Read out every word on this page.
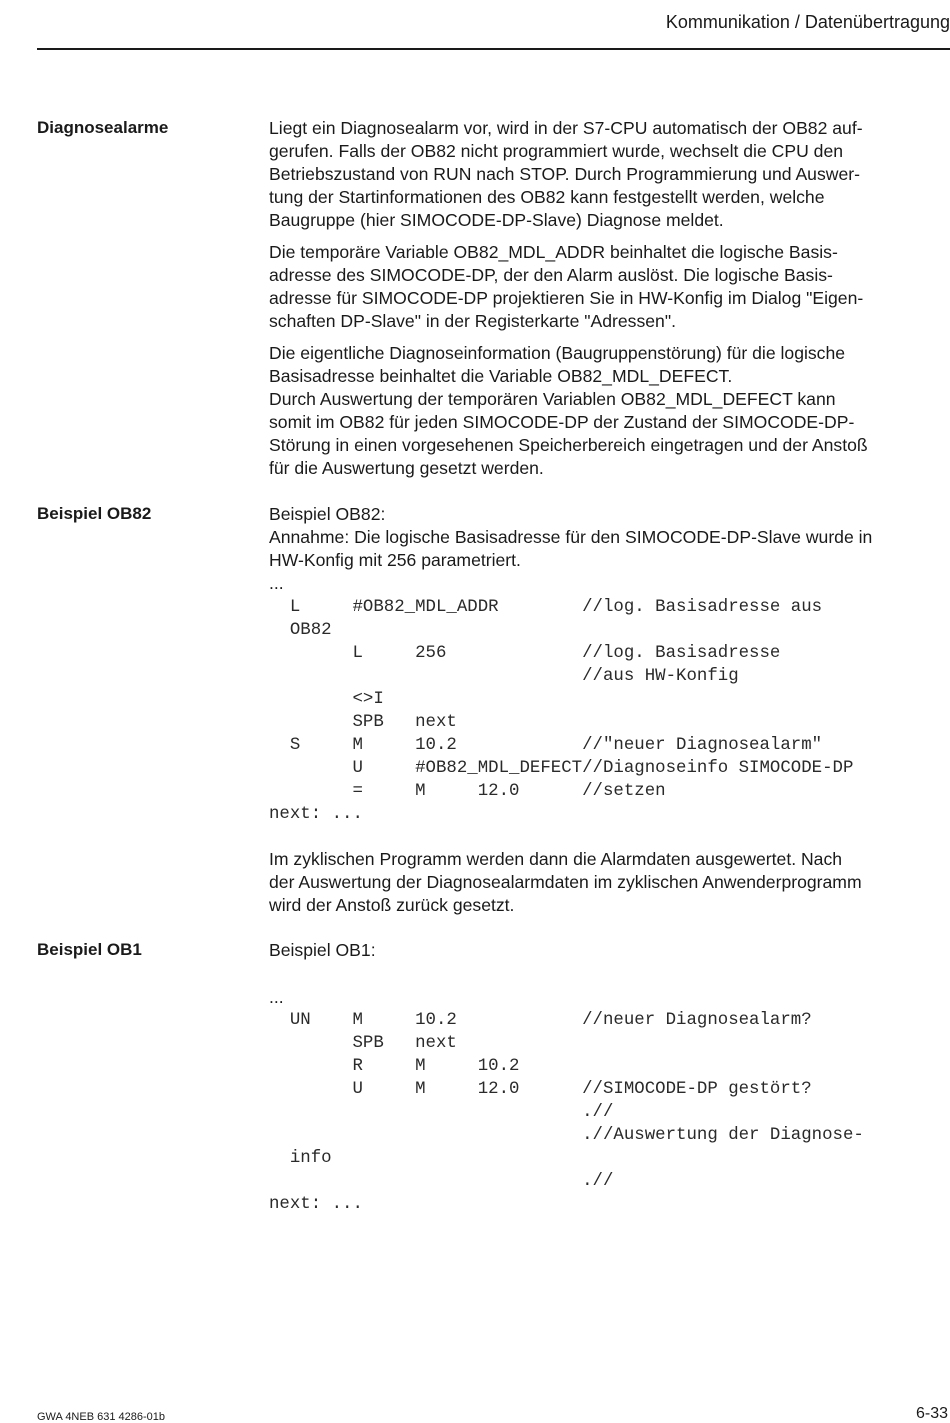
Kommunikation / Datenübertragung
Diagnosealarme	Liegt ein Diagnosealarm vor, wird in der S7-CPU automatisch der OB82 auf-
gerufen. Falls der OB82 nicht programmiert wurde, wechselt die CPU den
Betriebszustand von RUN nach STOP. Durch Programmierung und Auswer-
tung der Startinformationen des OB82 kann festgestellt werden, welche
Baugruppe (hier SIMOCODE-DP-Slave) Diagnose meldet.
Die temporäre Variable OB82_MDL_ADDR beinhaltet die logische Basis-
adresse des SIMOCODE-DP, der den Alarm auslöst. Die logische Basis-
adresse für SIMOCODE-DP projektieren Sie in HW-Konfig im Dialog "Eigen-
schaften DP-Slave" in der Registerkarte "Adressen".
Die eigentliche Diagnoseinformation (Baugruppenstörung) für die logische
Basisadresse beinhaltet die Variable OB82_MDL_DEFECT.
Durch Auswertung der temporären Variablen OB82_MDL_DEFECT kann
somit im OB82 für jeden SIMOCODE-DP der Zustand der SIMOCODE-DP-
Störung in einen vorgesehenen Speicherbereich eingetragen und der Anstoß
für die Auswertung gesetzt werden.
Beispiel OB82	Beispiel OB82:
Annahme: Die logische Basisadresse für den SIMOCODE-DP-Slave wurde in
HW-Konfig mit 256 parametriert.
...
L     #OB82_MDL_ADDR        //log. Basisadresse aus
OB82
L     256             //log. Basisadresse
//aus HW-Konfig
<>I
SPB   next
S     M     10.2            //"neuer Diagnosealarm"
U     #OB82_MDL_DEFECT//Diagnoseinfo SIMOCODE-DP
=     M     12.0      //setzen
next: ...
Im zyklischen Programm werden dann die Alarmdaten ausgewertet. Nach
der Auswertung der Diagnosealarmdaten im zyklischen Anwenderprogramm
wird der Anstoß zurück gesetzt.
Beispiel OB1	Beispiel OB1:
...
UN    M     10.2            //neuer Diagnosealarm?
SPB   next
R     M     10.2
U     M     12.0      //SIMOCODE-DP gestört?
.//
.//Auswertung der Diagnose-
info
.//
next: ...
GWA 4NEB 631 4286-01b	6-33
